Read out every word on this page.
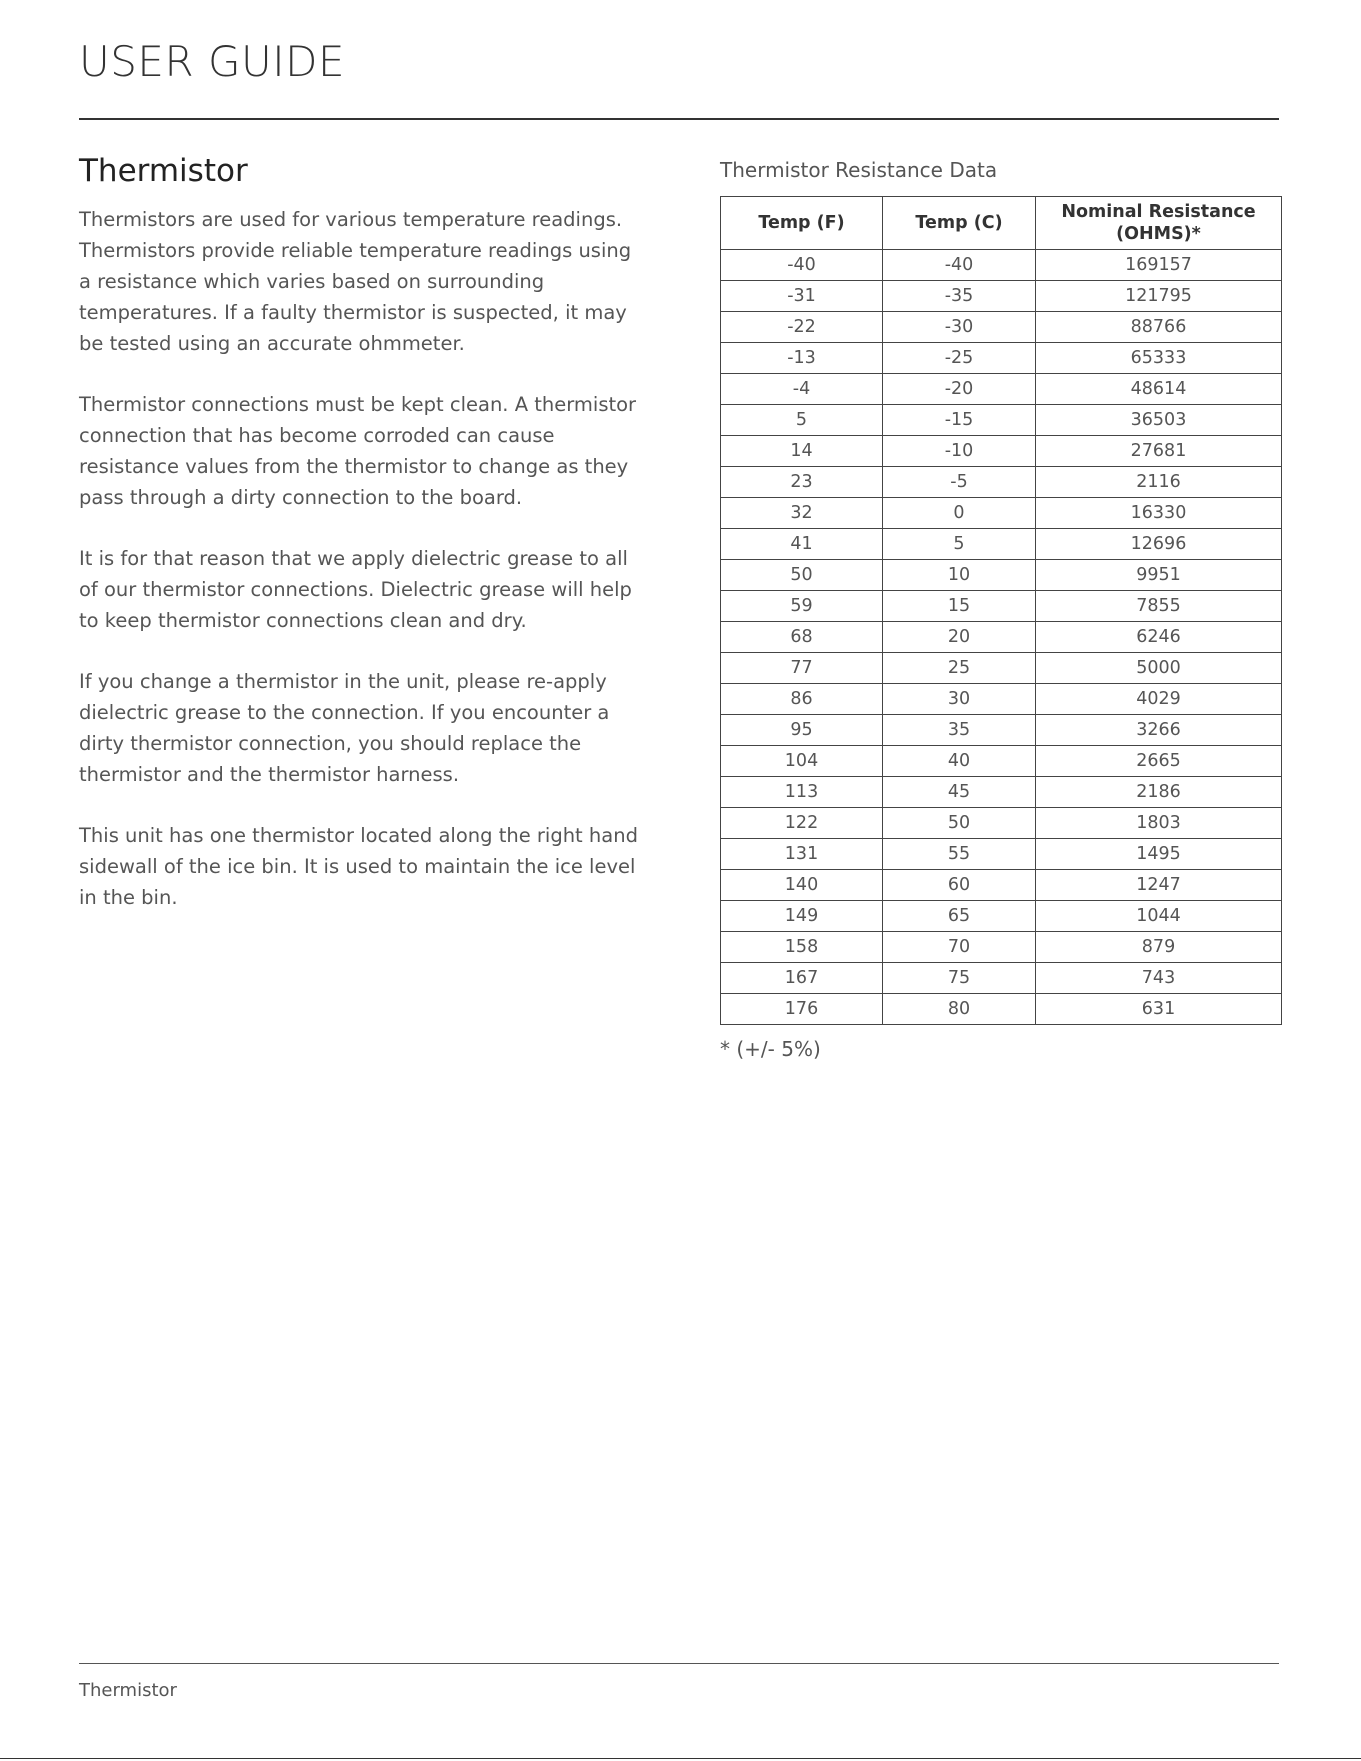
USER GUIDE
Thermistor

Thermistors are used for various temperature readings. Thermistors provide reliable temperature readings using a resistance which varies based on surrounding temperatures. If a faulty thermistor is suspected, it may be tested using an accurate ohmmeter.

Thermistor connections must be kept clean. A thermistor connection that has become corroded can cause resistance values from the thermistor to change as they pass through a dirty connection to the board.

It is for that reason that we apply dielectric grease to all of our thermistor connections. Dielectric grease will help to keep thermistor connections clean and dry.

If you change a thermistor in the unit, please re-apply dielectric grease to the connection. If you encounter a dirty thermistor connection, you should replace the thermistor and the thermistor harness.

This unit has one thermistor located along the right hand sidewall of the ice bin. It is used to maintain the ice level in the bin.

Thermistor Resistance Data
Temp (F)	Temp (C)	Nominal Resistance (OHMS)*
-40	-40	169157
-31	-35	121795
-22	-30	88766
-13	-25	65333
-4	-20	48614
5	-15	36503
14	-10	27681
23	-5	2116
32	0	16330
41	5	12696
50	10	9951
59	15	7855
68	20	6246
77	25	5000
86	30	4029
95	35	3266
104	40	2665
113	45	2186
122	50	1803
131	55	1495
140	60	1247
149	65	1044
158	70	879
167	75	743
176	80	631
* (+/- 5%)
Thermistor
